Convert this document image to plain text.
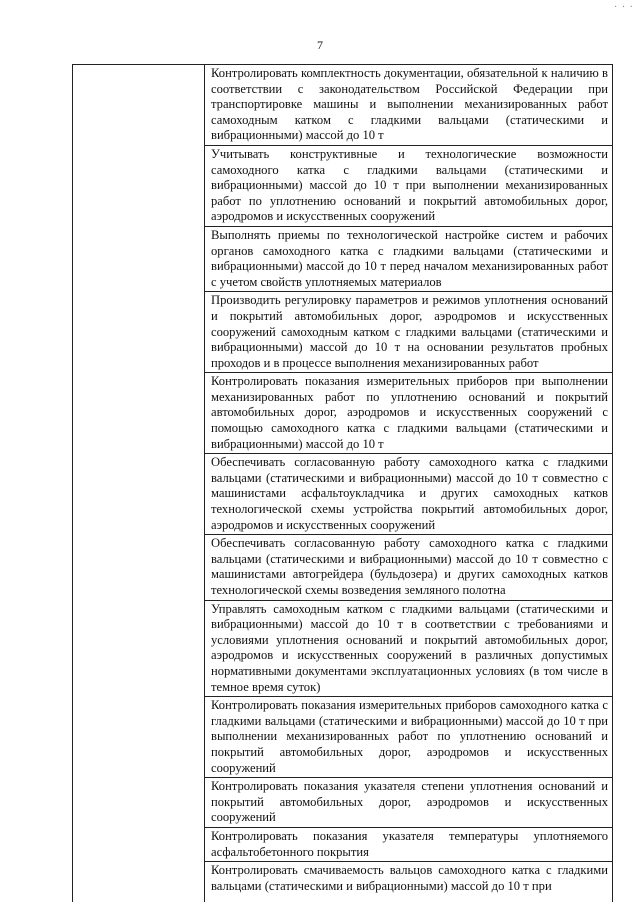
· · ·
7
Контролировать комплектность документации, обязательной к наличию в соответствии с законодательством Российской Федерации при транспортировке машины и выполнении механизированных работ самоходным катком с гладкими вальцами (статическими и вибрационными) массой до 10 т
Учитывать конструктивные и технологические возможности самоходного катка с гладкими вальцами (статическими и вибрационными) массой до 10 т при выполнении механизированных работ по уплотнению оснований и покрытий автомобильных дорог, аэродромов и искусственных сооружений
Выполнять приемы по технологической настройке систем и рабочих органов самоходного катка с гладкими вальцами (статическими и вибрационными) массой до 10 т перед началом механизированных работ с учетом свойств уплотняемых материалов
Производить регулировку параметров и режимов уплотнения оснований и покрытий автомобильных дорог, аэродромов и искусственных сооружений самоходным катком с гладкими вальцами (статическими и вибрационными) массой до 10 т на основании результатов пробных проходов и в процессе выполнения механизированных работ
Контролировать показания измерительных приборов при выполнении механизированных работ по уплотнению оснований и покрытий автомобильных дорог, аэродромов и искусственных сооружений с помощью самоходного катка с гладкими вальцами (статическими и вибрационными) массой до 10 т
Обеспечивать согласованную работу самоходного катка с гладкими вальцами (статическими и вибрационными) массой до 10 т совместно с машинистами асфальтоукладчика и других самоходных катков технологической схемы устройства покрытий автомобильных дорог, аэродромов и искусственных сооружений
Обеспечивать согласованную работу самоходного катка с гладкими вальцами (статическими и вибрационными) массой до 10 т совместно с машинистами автогрейдера (бульдозера) и других самоходных катков технологической схемы возведения земляного полотна
Управлять самоходным катком с гладкими вальцами (статическими и вибрационными) массой до 10 т в соответствии с требованиями и условиями уплотнения оснований и покрытий автомобильных дорог, аэродромов и искусственных сооружений в различных допустимых нормативными документами эксплуатационных условиях (в том числе в темное время суток)
Контролировать показания измерительных приборов самоходного катка с гладкими вальцами (статическими и вибрационными) массой до 10 т при выполнении механизированных работ по уплотнению оснований и покрытий автомобильных дорог, аэродромов и искусственных сооружений
Контролировать показания указателя степени уплотнения оснований и покрытий автомобильных дорог, аэродромов и искусственных сооружений
Контролировать показания указателя температуры уплотняемого асфальтобетонного покрытия
Контролировать смачиваемость вальцов самоходного катка с гладкими вальцами (статическими и вибрационными) массой до 10 т при
